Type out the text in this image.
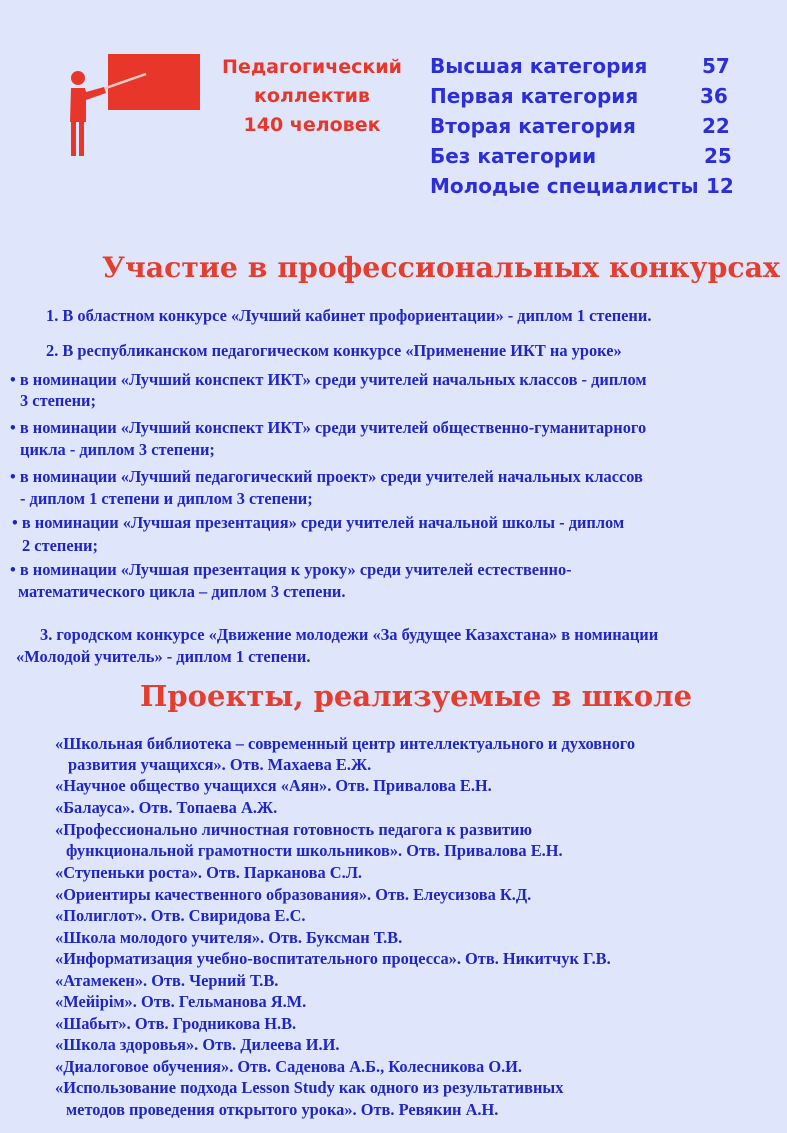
Педагогический
коллектив
140 человек
Высшая категория	57
Первая категория	36
Вторая категория	22
Без категории	25
Молодые специалисты 12
Участие в профессиональных конкурсах
1. В областном конкурсе «Лучший кабинет профориентации» - диплом 1 степени.
2. В республиканском педагогическом конкурсе «Применение ИКТ на уроке»
• в номинации «Лучший конспект ИКТ» среди учителей начальных классов - диплом
3 степени;
• в номинации «Лучший конспект ИКТ» среди учителей общественно-гуманитарного
цикла - диплом 3 степени;
• в номинации «Лучший педагогический проект» среди учителей начальных классов
- диплом 1 степени и диплом 3 степени;
• в номинации «Лучшая презентация» среди учителей начальной школы - диплом
2 степени;
• в номинации «Лучшая презентация к уроку» среди учителей естественно-
математического цикла – диплом 3 степени.
3. городском конкурсе «Движение молодежи «За будущее Казахстана» в номинации
«Молодой учитель» - диплом 1 степени.
Проекты, реализуемые в школе
«Школьная библиотека – современный центр интеллектуального и духовного
развития учащихся». Отв. Махаева Е.Ж.
«Научное общество учащихся «Аян». Отв. Привалова Е.Н.
«Балауса». Отв. Топаева А.Ж.
«Профессионально личностная готовность педагога к развитию
функциональной грамотности школьников». Отв. Привалова Е.Н.
«Ступеньки роста». Отв. Парканова С.Л.
«Ориентиры качественного образования». Отв. Елеусизова К.Д.
«Полиглот». Отв. Свиридова Е.С.
«Школа молодого учителя». Отв. Буксман Т.В.
«Информатизация учебно-воспитательного процесса». Отв. Никитчук Г.В.
«Атамекен». Отв. Черний Т.В.
«Мейірім». Отв. Гельманова Я.М.
«Шабыт». Отв. Гродникова Н.В.
«Школа здоровья». Отв. Дилеева И.И.
«Диалоговое обучения». Отв. Саденова А.Б., Колесникова О.И.
«Использование подхода Lesson Study как одного из результативных
методов проведения открытого урока». Отв. Ревякин А.Н.
